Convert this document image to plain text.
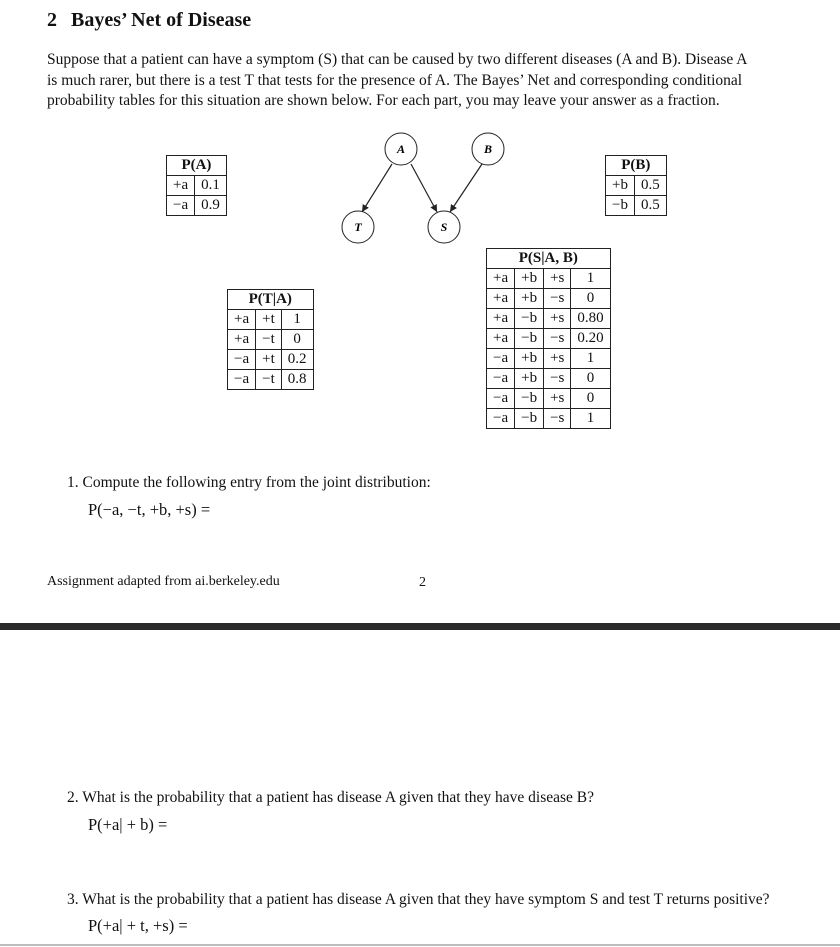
2 Bayes’ Net of Disease

Suppose that a patient can have a symptom (S) that can be caused by two different diseases (A and B). Disease A

is much rarer, but there is a test T that tests for the presence of A. The Bayes’ Net and corresponding conditional

probability tables for this situation are shown below. For each part, you may leave your answer as a fraction.

A	B
T	S
P(A)	
+a	0.1
−a	0.9
P(B)	
+b	0.5
−b	0.5
P(T|A)		
+a	+t	1
+a	−t	0
−a	+t	0.2
−a	−t	0.8
P(S|A, B)			
+a	+b	+s	1
+a	+b	−s	0
+a	−b	+s	0.80
+a	−b	−s	0.20
−a	+b	+s	1
−a	+b	−s	0
−a	−b	+s	0
−a	−b	−s	1
1. Compute the following entry from the joint distribution:
P(−a, −t, +b, +s) =
Assignment adapted from ai.berkeley.edu	2
2. What is the probability that a patient has disease A given that they have disease B?
P(+a| + b) =
3. What is the probability that a patient has disease A given that they have symptom S and test T returns positive?
P(+a| + t, +s) =
